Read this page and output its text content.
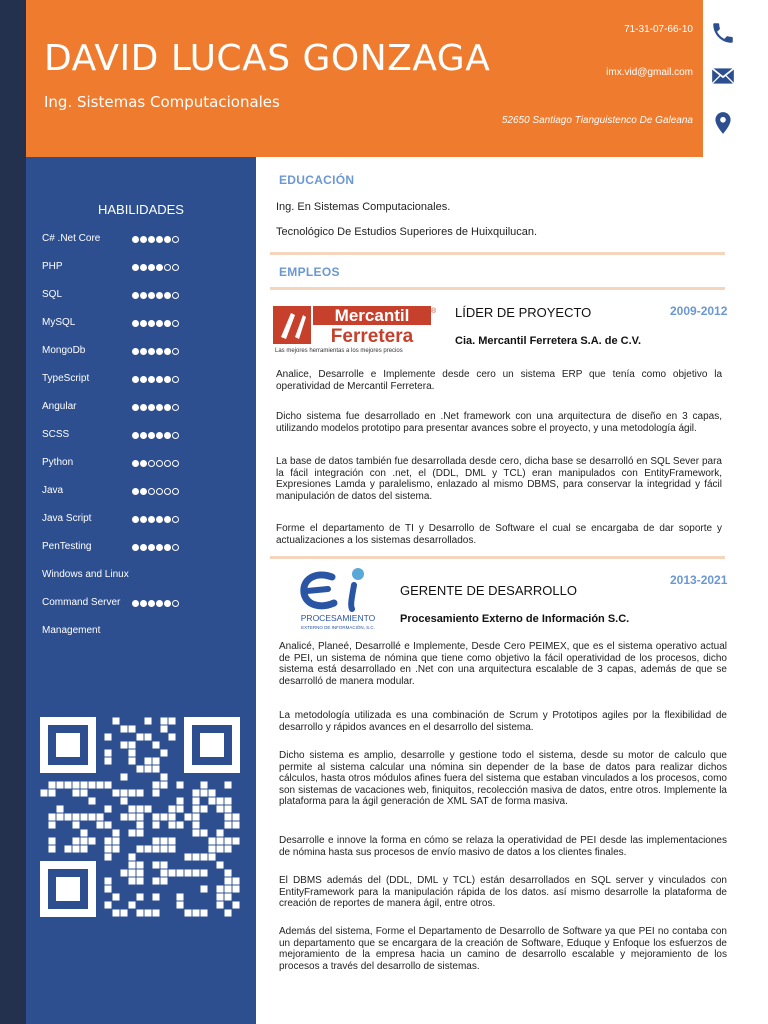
DAVID LUCAS GONZAGA
Ing. Sistemas Computacionales
71-31-07-66-10
imx.vid@gmail.com
52650 Santiago Tianguistenco De Galeana
HABILIDADES
C# .Net Core
PHP
SQL
MySQL
MongoDb
TypeScript
Angular
SCSS
Python
Java
Java Script
PenTesting
Windows and Linux
Command Server
Management
EDUCACIÓN
Ing. En Sistemas Computacionales.
Tecnológico De Estudios Superiores de Huixquilucan.
EMPLEOS
Mercantil	®
Ferretera
Las mejores herramientas a los mejores precios
LÍDER DE PROYECTO	2009-2012
Cia. Mercantil Ferretera S.A. de C.V.
Analice, Desarrolle e Implemente desde cero un sistema ERP que tenía como objetivo la operatividad de Mercantil Ferretera.
Dicho sistema fue desarrollado en .Net framework con una arquitectura de diseño en 3 capas, utilizando modelos prototipo para presentar avances sobre el proyecto, y una metodología ágil.
La base de datos también fue desarrollada desde cero, dicha base se desarrolló en SQL Sever para la fácil integración con .net, el (DDL, DML y TCL) eran manipulados con EntityFramework, Expresiones Lamda y paralelismo, enlazado al mismo DBMS, para conservar la integridad y fácil manipulación de datos del sistema.
Forme el departamento de TI y Desarrollo de Software el cual se encargaba de dar soporte y actualizaciones a los sistemas desarrollados.
PROCESAMIENTO
EXTERNO DE INFORMACIÓN, S.C.
GERENTE DE DESARROLLO
2013-2021
Procesamiento Externo de Información S.C.
Analicé, Planeé, Desarrollé e Implemente, Desde Cero PEIMEX, que es el sistema operativo actual de PEI, un sistema de nómina que tiene como objetivo la fácil operatividad de los procesos, dicho sistema está desarrollado en .Net con una arquitectura escalable de 3 capas, además de que se desarrolló de manera modular.
La metodología utilizada es una combinación de Scrum y Prototipos agiles por la flexibilidad de desarrollo y rápidos avances en el desarrollo del sistema.
Dicho sistema es amplio, desarrolle y gestione todo el sistema, desde su motor de calculo que permite al sistema calcular una nómina sin depender de la base de datos para realizar dichos cálculos, hasta otros módulos afines fuera del sistema que estaban vinculados a los procesos, como son sistemas de vacaciones web, finiquitos, recolección masiva de datos, entre otros. Implemente la plataforma para la ágil generación de XML SAT de forma masiva.
Desarrolle e innove la forma en cómo se relaza la operatividad de PEI desde las implementaciones de nómina hasta sus procesos de envío masivo de datos a los clientes finales.
El DBMS además del (DDL, DML y TCL) están desarrollados en SQL server y vinculados con EntityFramework para la manipulación rápida de los datos. así mismo desarrolle la plataforma de creación de reportes de manera ágil, entre otros.
Además del sistema, Forme el Departamento de Desarrollo de Software ya que PEI no contaba con un departamento que se encargara de la creación de Software, Eduque y Enfoque los esfuerzos de mejoramiento de la empresa hacia un camino de desarrollo escalable y mejoramiento de los procesos a través del desarrollo de sistemas.
